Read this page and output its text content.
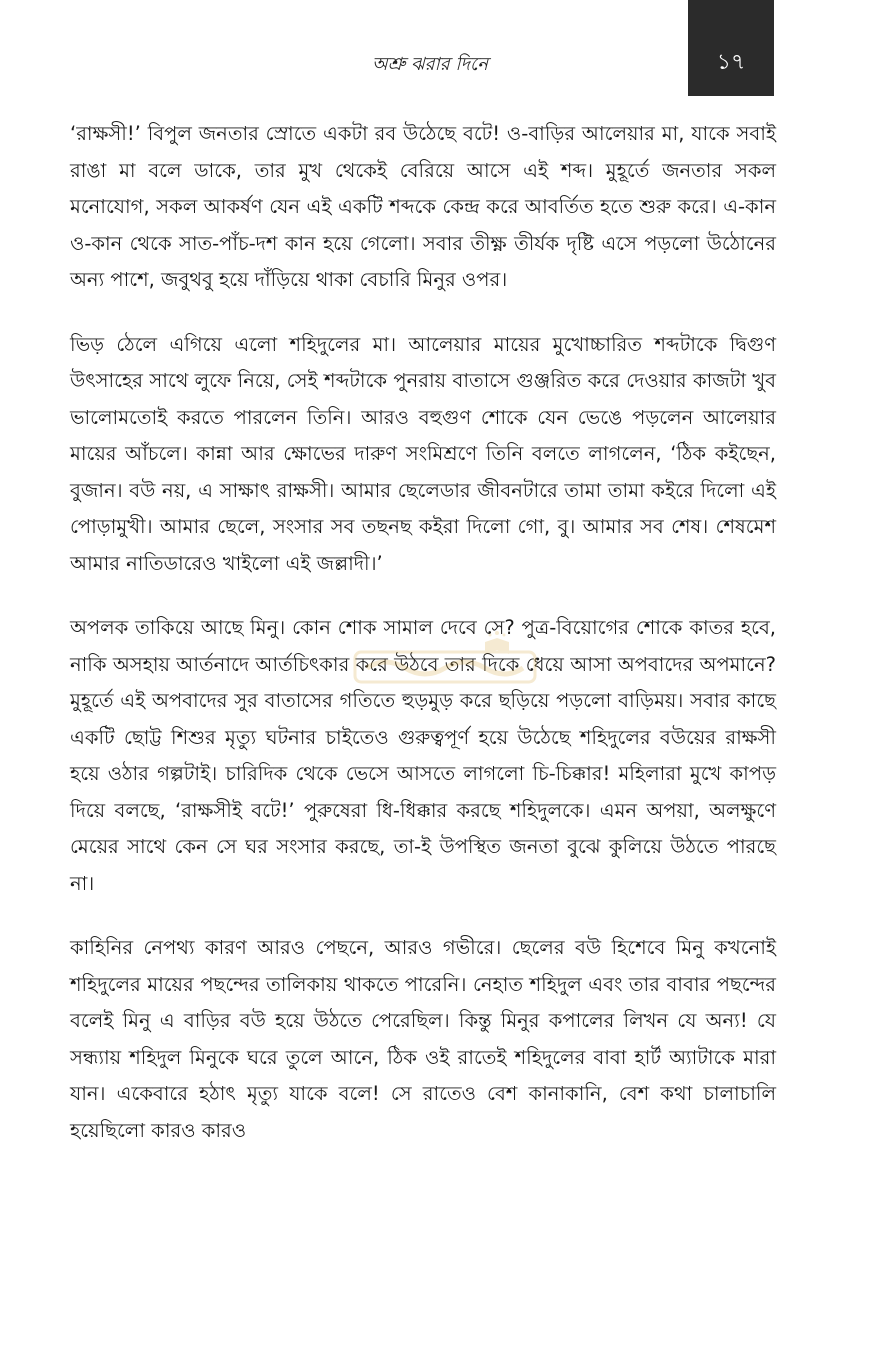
অশ্রু ঝরার দিনে	১৭

‘রাক্ষসী!’ বিপুল জনতার স্রোতে একটা রব উঠেছে বটে! ও-বাড়ির আলেয়ার মা, যাকে সবাই রাঙা মা বলে ডাকে, তার মুখ থেকেই বেরিয়ে আসে এই শব্দ। মুহূর্তে জনতার সকল মনোযোগ, সকল আকর্ষণ যেন এই একটি শব্দকে কেন্দ্র করে আবর্তিত হতে শুরু করে। এ-কান ও-কান থেকে সাত-পাঁচ-দশ কান হয়ে গেলো। সবার তীক্ষ্ণ তীর্যক দৃষ্টি এসে পড়লো উঠোনের অন্য পাশে, জবুথবু হয়ে দাঁড়িয়ে থাকা বেচারি মিনুর ওপর।

ভিড় ঠেলে এগিয়ে এলো শহিদুলের মা। আলেয়ার মায়ের মুখোচ্চারিত শব্দটাকে দ্বিগুণ উৎসাহের সাথে লুফে নিয়ে, সেই শব্দটাকে পুনরায় বাতাসে গুঞ্জরিত করে দেওয়ার কাজটা খুব ভালোমতোই করতে পারলেন তিনি। আরও বহুগুণ শোকে যেন ভেঙে পড়লেন আলেয়ার মায়ের আঁচলে। কান্না আর ক্ষোভের দারুণ সংমিশ্রণে তিনি বলতে লাগলেন, ‘ঠিক কইছেন, বুজান। বউ নয়, এ সাক্ষাৎ রাক্ষসী। আমার ছেলেডার জীবনটারে তামা তামা কইরে দিলো এই পোড়ামুখী। আমার ছেলে, সংসার সব তছনছ কইরা দিলো গো, বু। আমার সব শেষ। শেষমেশ আমার নাতিডারেও খাইলো এই জল্লাদী।’

অপলক তাকিয়ে আছে মিনু। কোন শোক সামাল দেবে সে? পুত্র-বিয়োগের শোকে কাতর হবে, নাকি অসহায় আর্তনাদে আর্তচিৎকার করে উঠবে তার দিকে ধেয়ে আসা অপবাদের অপমানে? মুহূর্তে এই অপবাদের সুর বাতাসের গতিতে হুড়মুড় করে ছড়িয়ে পড়লো বাড়িময়। সবার কাছে একটি ছোট্ট শিশুর মৃত্যু ঘটনার চাইতেও গুরুত্বপূর্ণ হয়ে উঠেছে শহিদুলের বউয়ের রাক্ষসী হয়ে ওঠার গল্পটাই। চারিদিক থেকে ভেসে আসতে লাগলো চি-চিক্কার! মহিলারা মুখে কাপড় দিয়ে বলছে, ‘রাক্ষসীই বটে!’ পুরুষেরা ধি-ধিক্কার করছে শহিদুলকে। এমন অপয়া, অলক্ষুণে মেয়ের সাথে কেন সে ঘর সংসার করছে, তা-ই উপস্থিত জনতা বুঝে কুলিয়ে উঠতে পারছে না।

কাহিনির নেপথ্য কারণ আরও পেছনে, আরও গভীরে। ছেলের বউ হিশেবে মিনু কখনোই শহিদুলের মায়ের পছন্দের তালিকায় থাকতে পারেনি। নেহাত শহিদুল এবং তার বাবার পছন্দের বলেই মিনু এ বাড়ির বউ হয়ে উঠতে পেরেছিল। কিন্তু মিনুর কপালের লিখন যে অন্য! যে সন্ধ্যায় শহিদুল মিনুকে ঘরে তুলে আনে, ঠিক ওই রাতেই শহিদুলের বাবা হার্ট অ্যাটাকে মারা যান। একেবারে হঠাৎ মৃত্যু যাকে বলে! সে রাতেও বেশ কানাকানি, বেশ কথা চালাচালি হয়েছিলো কারও কারও
